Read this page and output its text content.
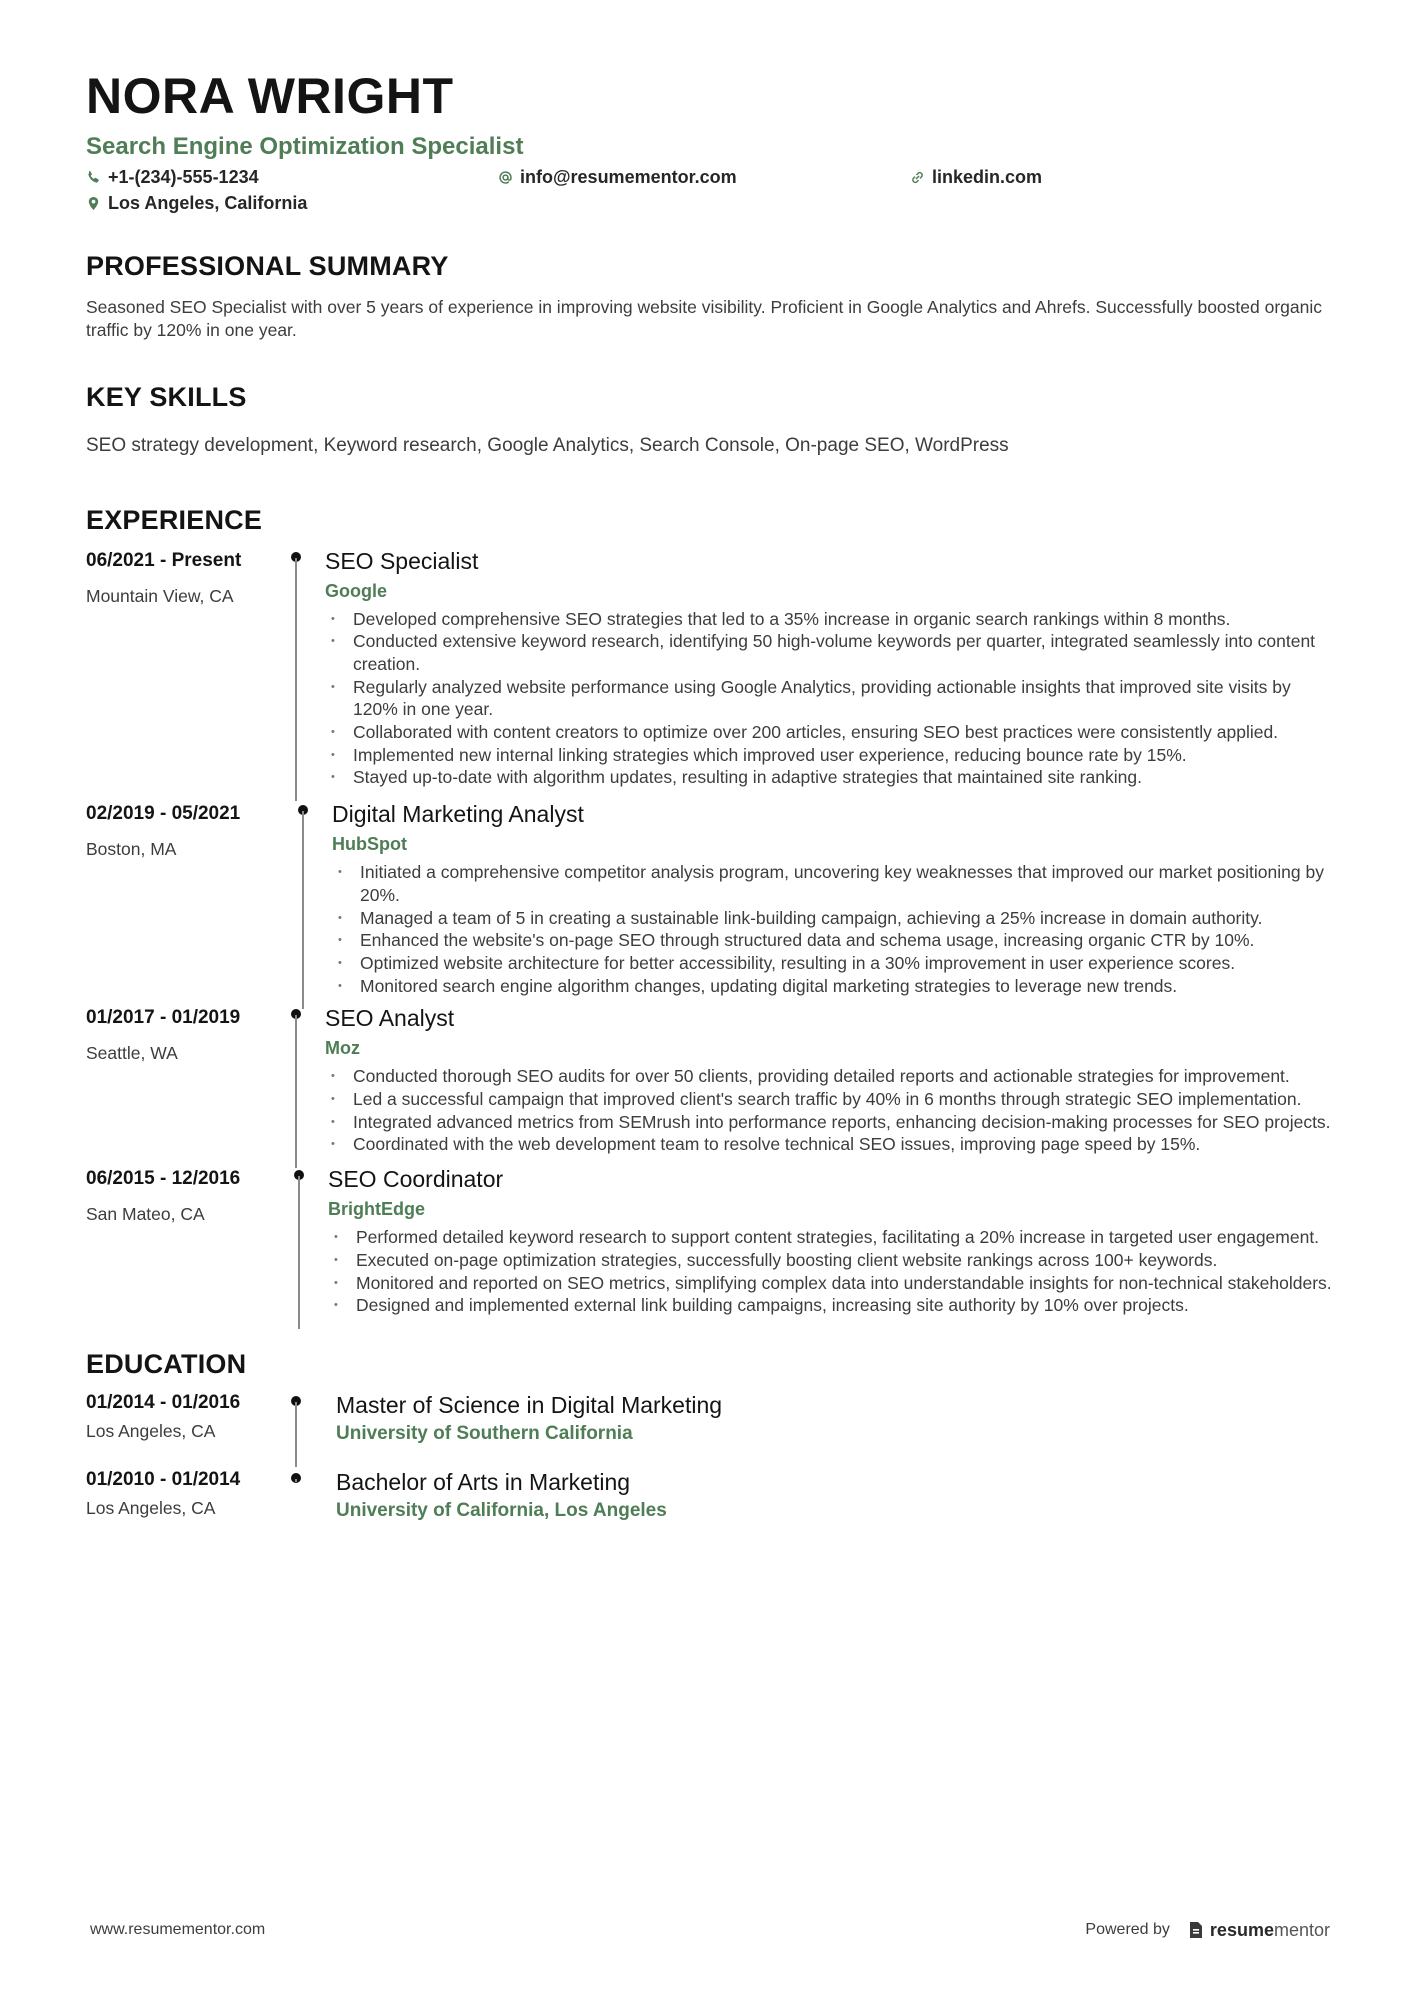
NORA WRIGHT
Search Engine Optimization Specialist
+1-(234)-555-1234	info@resumementor.com	linkedin.com
Los Angeles, California
PROFESSIONAL SUMMARY

Seasoned SEO Specialist with over 5 years of experience in improving website visibility. Proficient in Google Analytics and Ahrefs. Successfully boosted organic traffic by 120% in one year.

KEY SKILLS

SEO strategy development, Keyword research, Google Analytics, Search Console, On-page SEO, WordPress

EXPERIENCE
06/2021 - Present
Mountain View, CA
SEO Specialist
Google
• Developed comprehensive SEO strategies that led to a 35% increase in organic search rankings within 8 months.
• Conducted extensive keyword research, identifying 50 high-volume keywords per quarter, integrated seamlessly into content creation.
• Regularly analyzed website performance using Google Analytics, providing actionable insights that improved site visits by 120% in one year.
• Collaborated with content creators to optimize over 200 articles, ensuring SEO best practices were consistently applied.
• Implemented new internal linking strategies which improved user experience, reducing bounce rate by 15%.
• Stayed up-to-date with algorithm updates, resulting in adaptive strategies that maintained site ranking.
02/2019 - 05/2021
Boston, MA
Digital Marketing Analyst
HubSpot
• Initiated a comprehensive competitor analysis program, uncovering key weaknesses that improved our market positioning by 20%.
• Managed a team of 5 in creating a sustainable link-building campaign, achieving a 25% increase in domain authority.
• Enhanced the website's on-page SEO through structured data and schema usage, increasing organic CTR by 10%.
• Optimized website architecture for better accessibility, resulting in a 30% improvement in user experience scores.
• Monitored search engine algorithm changes, updating digital marketing strategies to leverage new trends.
01/2017 - 01/2019
Seattle, WA
SEO Analyst
Moz
• Conducted thorough SEO audits for over 50 clients, providing detailed reports and actionable strategies for improvement.
• Led a successful campaign that improved client's search traffic by 40% in 6 months through strategic SEO implementation.
• Integrated advanced metrics from SEMrush into performance reports, enhancing decision-making processes for SEO projects.
• Coordinated with the web development team to resolve technical SEO issues, improving page speed by 15%.
06/2015 - 12/2016
San Mateo, CA
SEO Coordinator
BrightEdge
• Performed detailed keyword research to support content strategies, facilitating a 20% increase in targeted user engagement.
• Executed on-page optimization strategies, successfully boosting client website rankings across 100+ keywords.
• Monitored and reported on SEO metrics, simplifying complex data into understandable insights for non-technical stakeholders.
• Designed and implemented external link building campaigns, increasing site authority by 10% over projects.
EDUCATION
01/2014 - 01/2016
Los Angeles, CA
Master of Science in Digital Marketing
University of Southern California
01/2010 - 01/2014
Los Angeles, CA
Bachelor of Arts in Marketing
University of California, Los Angeles
www.resumementor.com	Powered by resumementor
